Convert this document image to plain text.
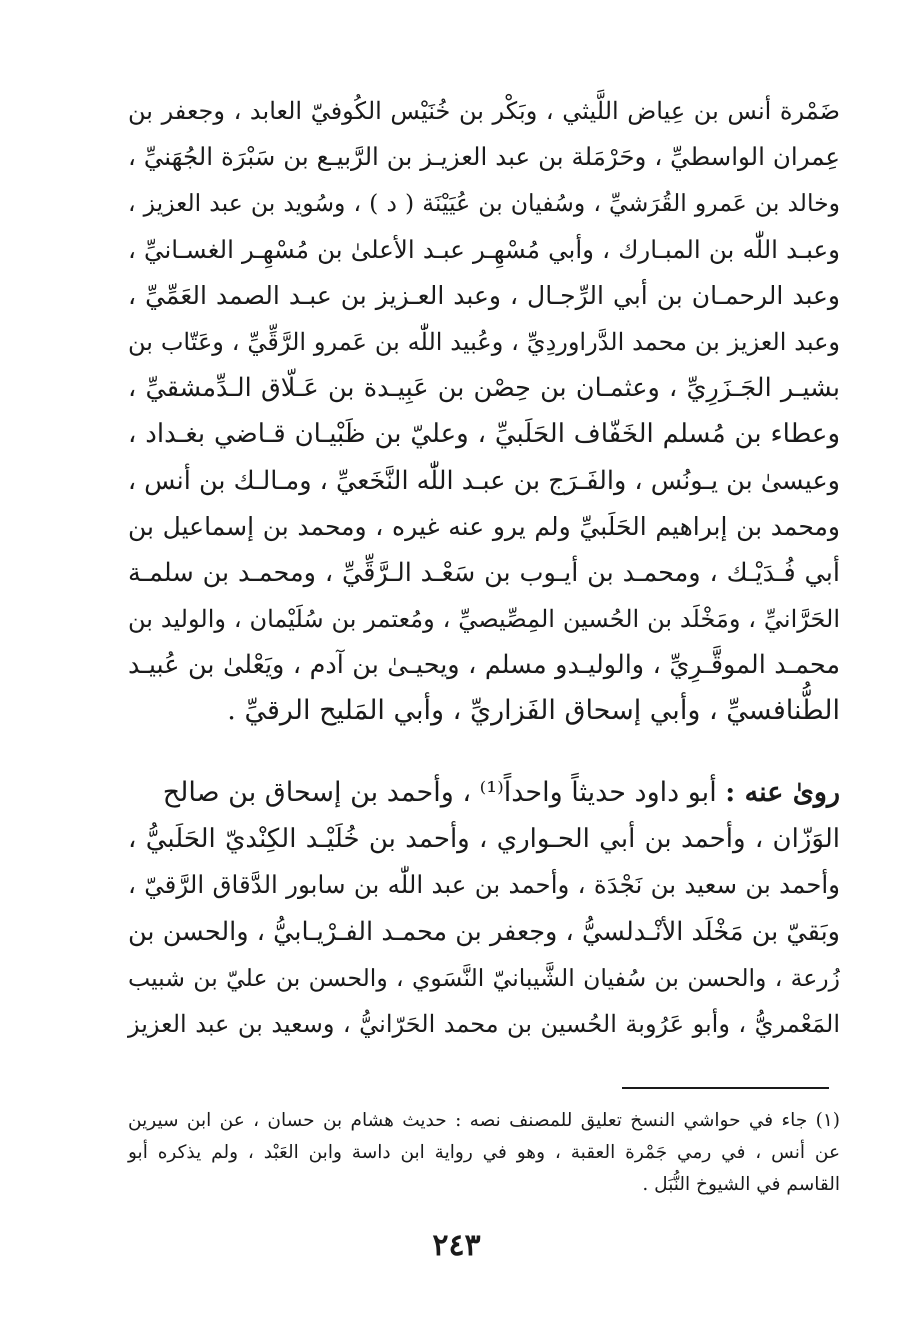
ضَمْرة أنس بن عِياض اللَّيثي ، وبَكْر بن خُنَيْس الكُوفيّ العابد ، وجعفر بن
عِمران الواسطيِّ ، وحَرْمَلة بن عبد العزيـز بن الرَّبيـع بن سَبْرَة الجُهَنيِّ ،
وخالد بن عَمرو القُرَشيِّ ، وسُفيان بن عُيَيْنَة ( د ) ، وسُويد بن عبد العزيز ،
وعبـد اللّٰه بن المبـارك ، وأبي مُسْهِـر عبـد الأعلىٰ بن مُسْهِـر الغسـانيِّ ،
وعبد الرحمـان بن أبي الرِّجـال ، وعبد العـزيز بن عبـد الصمد العَمِّيِّ ،
وعبد العزيز بن محمد الدَّراوردِيِّ ، وعُبيد اللّٰه بن عَمرو الرَّقِّيِّ ، وعَتّاب بن
بشيـر الجَـزَرِيِّ ، وعثمـان بن حِصْن بن عَبِيـدة بن عَـلّاق الـدِّمشقيِّ ،
وعطاء بن مُسلم الخَفّاف الحَلَبيِّ ، وعليّ بن ظَبْيـان قـاضي بغـداد ،
وعيسىٰ بن يـونُس ، والفَـرَج بن عبـد اللّٰه النَّخَعيِّ ، ومـالـك بن أنس ،
ومحمد بن إبراهيم الحَلَبيِّ ولم يرو عنه غيره ، ومحمد بن إسماعيل بن
أبي فُـدَيْـك ، ومحمـد بن أيـوب بن سَعْـد الـرَّقِّيِّ ، ومحمـد بن سلمـة
الحَرَّانيِّ ، ومَخْلَد بن الحُسين المِصِّيصيِّ ، ومُعتمر بن سُلَيْمان ، والوليد بن
محمـد الموقَّـرِيِّ ، والوليـدو مسلم ، ويحيـىٰ بن آدم ، ويَعْلىٰ بن عُبيـد
الطُّنافسيِّ ، وأبي إسحاق الفَزاريِّ ، وأبي المَليح الرقيِّ .
روىٰ عنه : أبو داود حديثاً واحداً⁽¹⁾ ، وأحمد بن إسحاق بن صالح
الوَزّان ، وأحمد بن أبي الحـواري ، وأحمد بن خُلَيْـد الكِنْديّ الحَلَبيُّ ،
وأحمد بن سعيد بن نَجْدَة ، وأحمد بن عبد اللّٰه بن سابور الدَّقاق الرَّقيّ ،
وبَقيّ بن مَخْلَد الأنْـدلسيُّ ، وجعفر بن محمـد الفـرْيـابيُّ ، والحسن بن
زُرعة ، والحسن بن سُفيان الشَّيبانيّ النَّسَوي ، والحسن بن عليّ بن شبيب
المَعْمريُّ ، وأبو عَرُوبة الحُسين بن محمد الحَرّانيُّ ، وسعيد بن عبد العزيز
(١) جاء في حواشي النسخ تعليق للمصنف نصه : حديث هشام بن حسان ، عن ابن سيرين
عن أنس ، في رمي جَمْرة العقبة ، وهو في رواية ابن داسة وابن العَبْد ، ولم يذكره أبو
القاسم في الشيوخ النُّبَل .
٢٤٣
